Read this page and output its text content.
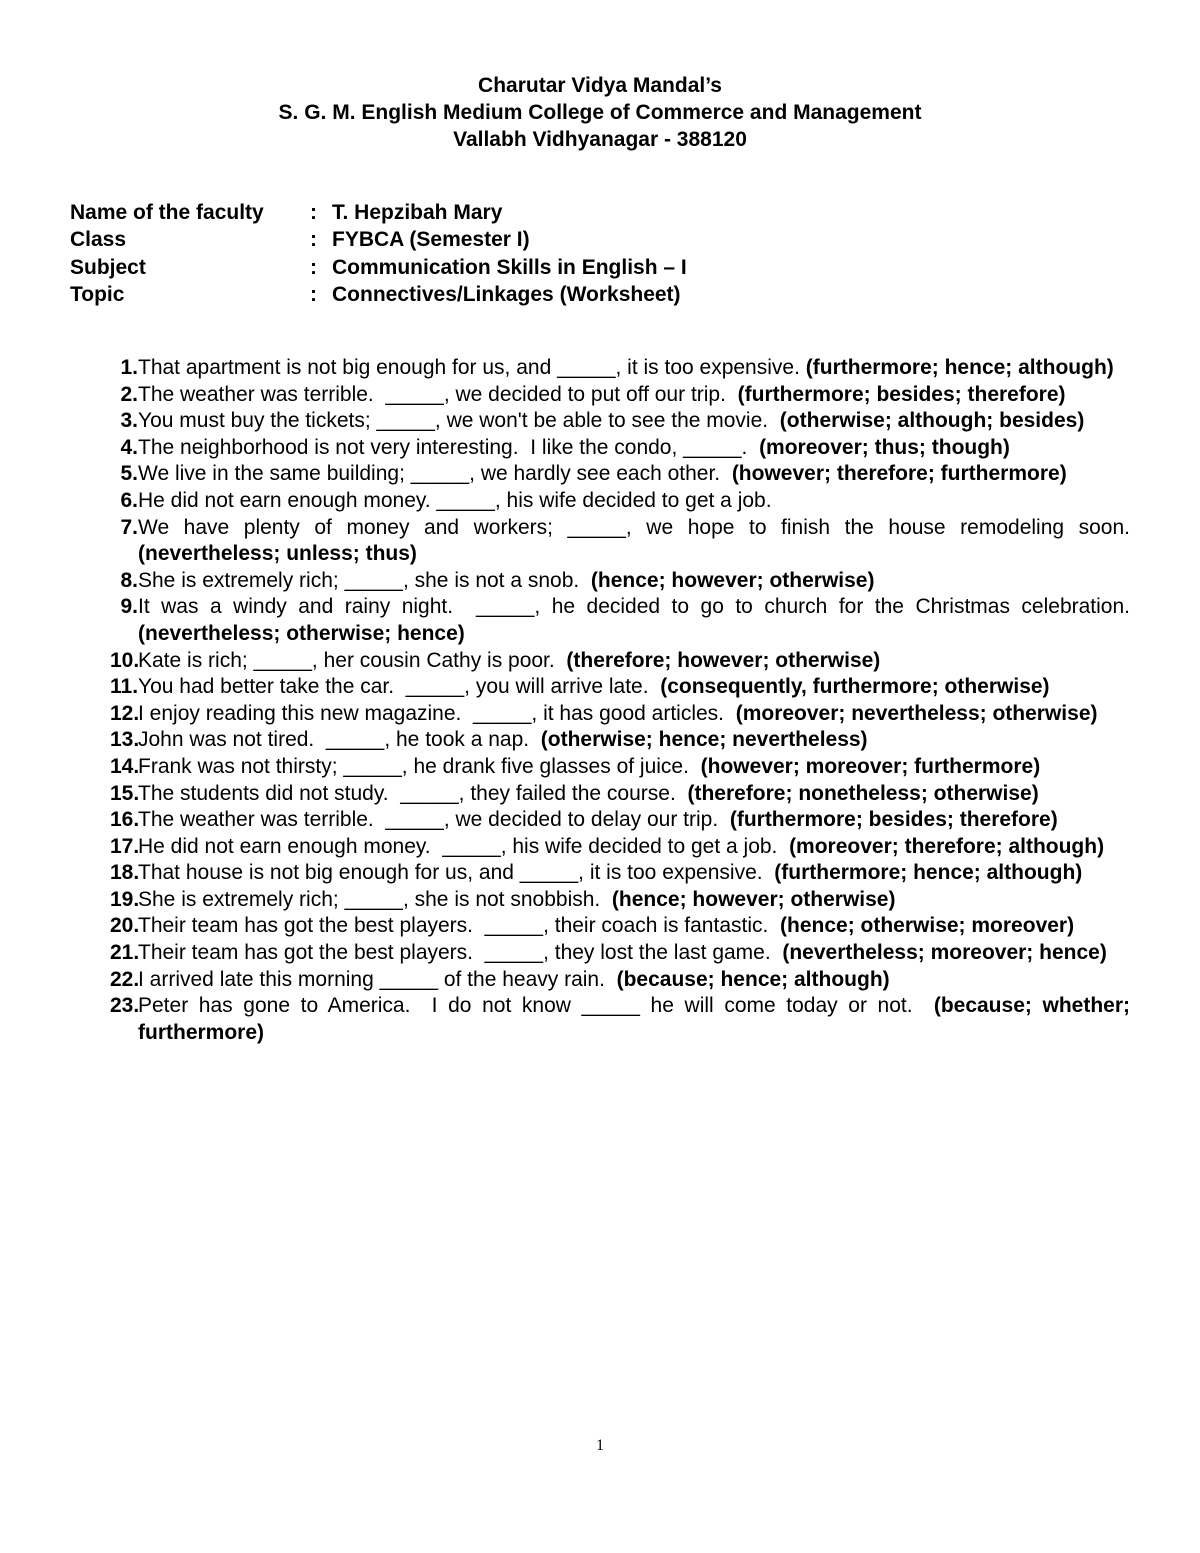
Charutar Vidya Mandal’s
S. G. M. English Medium College of Commerce and Management
Vallabh Vidhyanagar - 388120
Name of the faculty	: T. Hepzibah Mary
Class	: FYBCA (Semester I)
Subject	: Communication Skills in English – I
Topic	: Connectives/Linkages (Worksheet)
1. That apartment is not big enough for us, and _____, it is too expensive. (furthermore; hence; although)
2. The weather was terrible.  _____, we decided to put off our trip.  (furthermore; besides; therefore)
3. You must buy the tickets; _____, we won't be able to see the movie.  (otherwise; although; besides)
4. The neighborhood is not very interesting.  I like the condo, _____.  (moreover; thus; though)
5. We live in the same building; _____, we hardly see each other.  (however; therefore; furthermore)
6. He did not earn enough money. _____, his wife decided to get a job.
7. We have plenty of money and workers; _____, we hope to finish the house remodeling soon. (nevertheless; unless; thus)
8. She is extremely rich; _____, she is not a snob.  (hence; however; otherwise)
9. It was a windy and rainy night.  _____, he decided to go to church for the Christmas celebration.  (nevertheless; otherwise; hence)
10.
Kate is rich; _____, her cousin Cathy is poor.  (therefore; however; otherwise)
11. You had better take the car.  _____, you will arrive late.  (consequently, furthermore; otherwise)
12.
I enjoy reading this new magazine.  _____, it has good articles.  (moreover; nevertheless; otherwise)
13.
John was not tired.  _____, he took a nap.  (otherwise; hence; nevertheless)
14.
Frank was not thirsty; _____, he drank five glasses of juice.  (however; moreover; furthermore)
15.
The students did not study.  _____, they failed the course.  (therefore; nonetheless; otherwise)
16.
The weather was terrible.  _____, we decided to delay our trip.  (furthermore; besides; therefore)
17.
He did not earn enough money.  _____, his wife decided to get a job.  (moreover; therefore; although)
18.
That house is not big enough for us, and _____, it is too expensive.  (furthermore; hence; although)
19.
She is extremely rich; _____, she is not snobbish.  (hence; however; otherwise)
20.
Their team has got the best players.  _____, their coach is fantastic.  (hence; otherwise; moreover)
21.
Their team has got the best players.  _____, they lost the last game.  (nevertheless; moreover; hence)
22.
I arrived late this morning _____ of the heavy rain.  (because; hence; although)
23.
Peter has gone to America.  I do not know _____ he will come today or not.  (because; whether; furthermore)
1
